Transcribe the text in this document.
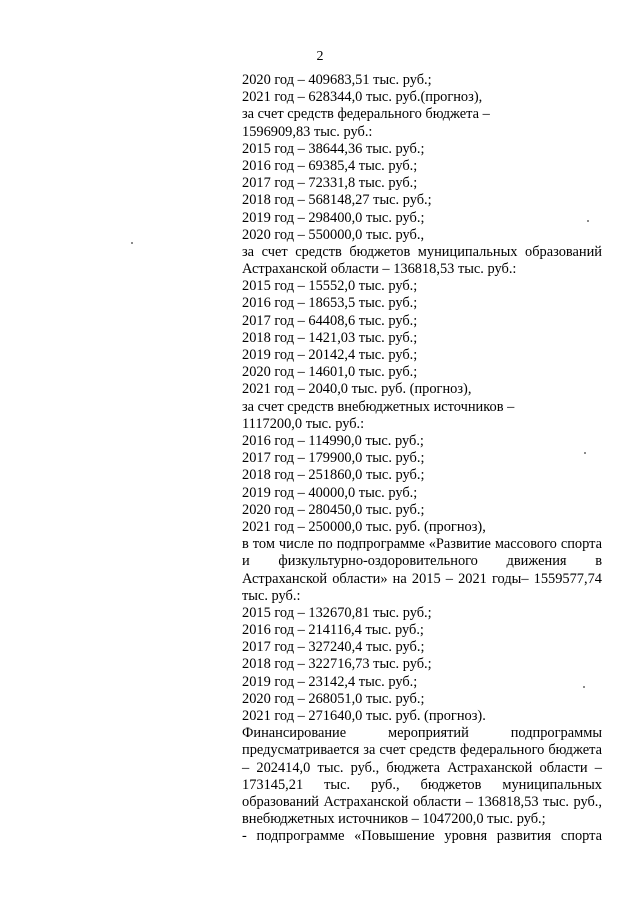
2
2020 год – 409683,51 тыс. руб.;
2021 год – 628344,0 тыс. руб.(прогноз),
за счет средств федерального бюджета –
1596909,83 тыс. руб.:
2015 год – 38644,36 тыс. руб.;
2016 год – 69385,4 тыс. руб.;
2017 год – 72331,8 тыс. руб.;
2018 год – 568148,27 тыс. руб.;
2019 год – 298400,0 тыс. руб.;
2020 год – 550000,0 тыс. руб.,

за счет средств бюджетов муниципальных образований Астраханской области – 136818,53 тыс. руб.:

2015 год – 15552,0 тыс. руб.;
2016 год – 18653,5 тыс. руб.;
2017 год – 64408,6 тыс. руб.;
2018 год – 1421,03 тыс. руб.;
2019 год – 20142,4 тыс. руб.;
2020 год – 14601,0 тыс. руб.;
2021 год – 2040,0 тыс. руб. (прогноз),
за счет средств внебюджетных источников –
1117200,0 тыс. руб.:
2016 год – 114990,0 тыс. руб.;
2017 год – 179900,0 тыс. руб.;
2018 год – 251860,0 тыс. руб.;
2019 год – 40000,0 тыс. руб.;
2020 год – 280450,0 тыс. руб.;
2021 год – 250000,0 тыс. руб. (прогноз),

в том числе по подпрограмме «Развитие массового спорта и физкультурно-оздоровительного движения в Астраханской области» на 2015 – 2021 годы– 1559577,74 тыс. руб.:

2015 год – 132670,81 тыс. руб.;
2016 год – 214116,4 тыс. руб.;
2017 год – 327240,4 тыс. руб.;
2018 год – 322716,73 тыс. руб.;
2019 год – 23142,4 тыс. руб.;
2020 год – 268051,0 тыс. руб.;
2021 год – 271640,0 тыс. руб. (прогноз).

Финансирование мероприятий подпрограммы предусматривается за счет средств федерального бюджета – 202414,0 тыс. руб., бюджета Астраханской области – 173145,21 тыс. руб., бюджетов муниципальных образований Астраханской области – 136818,53 тыс. руб., внебюджетных источников – 1047200,0 тыс. руб.;

- подпрограмме «Повышение уровня развития спорта
